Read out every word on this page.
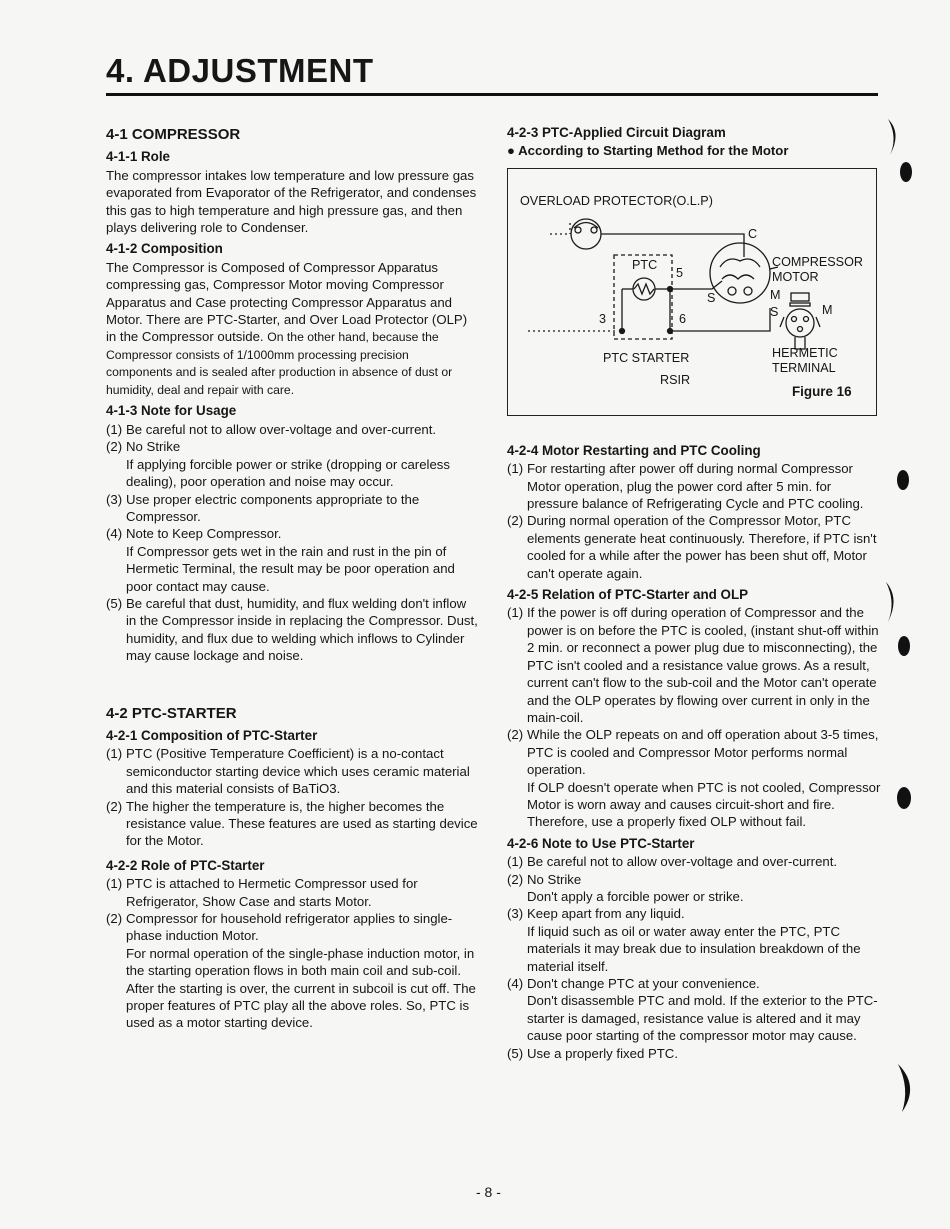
4. ADJUSTMENT
4-1 COMPRESSOR
4-1-1 Role

The compressor intakes low temperature and low pressure gas evaporated from Evaporator of the Refrigerator, and condenses this gas to high temperature and high pressure gas, and then plays delivering role to Condenser.

4-1-2 Composition

The Compressor is Composed of Compressor Apparatus compressing gas, Compressor Motor moving Compressor Apparatus and Case protecting Compressor Apparatus and Motor. There are PTC-Starter, and Over Load Protector (OLP) in the Compressor outside. On the other hand, because the Compressor consists of 1/1000mm processing precision components and is sealed after production in absence of dust or humidity, deal and repair with care.

4-1-3 Note for Usage
(1) Be careful not to allow over-voltage and over-current.
(2) No Strike
If applying forcible power or strike (dropping or careless dealing), poor operation and noise may occur.
(3) Use proper electric components appropriate to the Compressor.
(4) Note to Keep Compressor.
If Compressor gets wet in the rain and rust in the pin of Hermetic Terminal, the result may be poor operation and poor contact may cause.
(5) Be careful that dust, humidity, and flux welding don't inflow in the Compressor inside in replacing the Compressor. Dust, humidity, and flux due to welding which inflows to Cylinder may cause lockage and noise.
4-2 PTC-STARTER
4-2-1 Composition of PTC-Starter
(1) PTC (Positive Temperature Coefficient) is a no-contact semiconductor starting device which uses ceramic material and this material consists of BaTiO3.
(2) The higher the temperature is, the higher becomes the resistance value. These features are used as starting device for the Motor.
4-2-2 Role of PTC-Starter
(1) PTC is attached to Hermetic Compressor used for Refrigerator, Show Case and starts Motor.
(2) Compressor for household refrigerator applies to single-phase induction Motor.
For normal operation of the single-phase induction motor, in the starting operation flows in both main coil and sub-coil. After the starting is over, the current in subcoil is cut off. The proper features of PTC play all the above roles. So, PTC is used as a motor starting device.
4-2-3 PTC-Applied Circuit Diagram
● According to Starting Method for the Motor
OVERLOAD PROTECTOR(O.L.P)
PTC
5
3	6
C
S	M
S	M
COMPRESSOR
MOTOR
PTC STARTER
RSIR
HERMETIC
TERMINAL
Figure 16
4-2-4 Motor Restarting and PTC Cooling
(1) For restarting after power off during normal Compressor Motor operation, plug the power cord after 5 min. for pressure balance of Refrigerating Cycle and PTC cooling.
(2) During normal operation of the Compressor Motor, PTC elements generate heat continuously. Therefore, if PTC isn't cooled for a while after the power has been shut off, Motor can't operate again.
4-2-5 Relation of PTC-Starter and OLP
(1) If the power is off during operation of Compressor and the power is on before the PTC is cooled, (instant shut-off within 2 min. or reconnect a power plug due to misconnecting), the PTC isn't cooled and a resistance value grows. As a result, current can't flow to the sub-coil and the Motor can't operate and the OLP operates by flowing over current in only in the main-coil.
(2) While the OLP repeats on and off operation about 3-5 times, PTC is cooled and Compressor Motor performs normal operation.
If OLP doesn't operate when PTC is not cooled, Compressor Motor is worn away and causes circuit-short and fire. Therefore, use a properly fixed OLP without fail.
4-2-6 Note to Use PTC-Starter
(1) Be careful not to allow over-voltage and over-current.
(2) No Strike
Don't apply a forcible power or strike.
(3) Keep apart from any liquid.
If liquid such as oil or water away enter the PTC, PTC materials it may break due to insulation breakdown of the material itself.
(4) Don't change PTC at your convenience.
Don't disassemble PTC and mold. If the exterior to the PTC-starter is damaged, resistance value is altered and it may cause poor starting of the compressor motor may cause.
(5) Use a properly fixed PTC.
- 8 -
